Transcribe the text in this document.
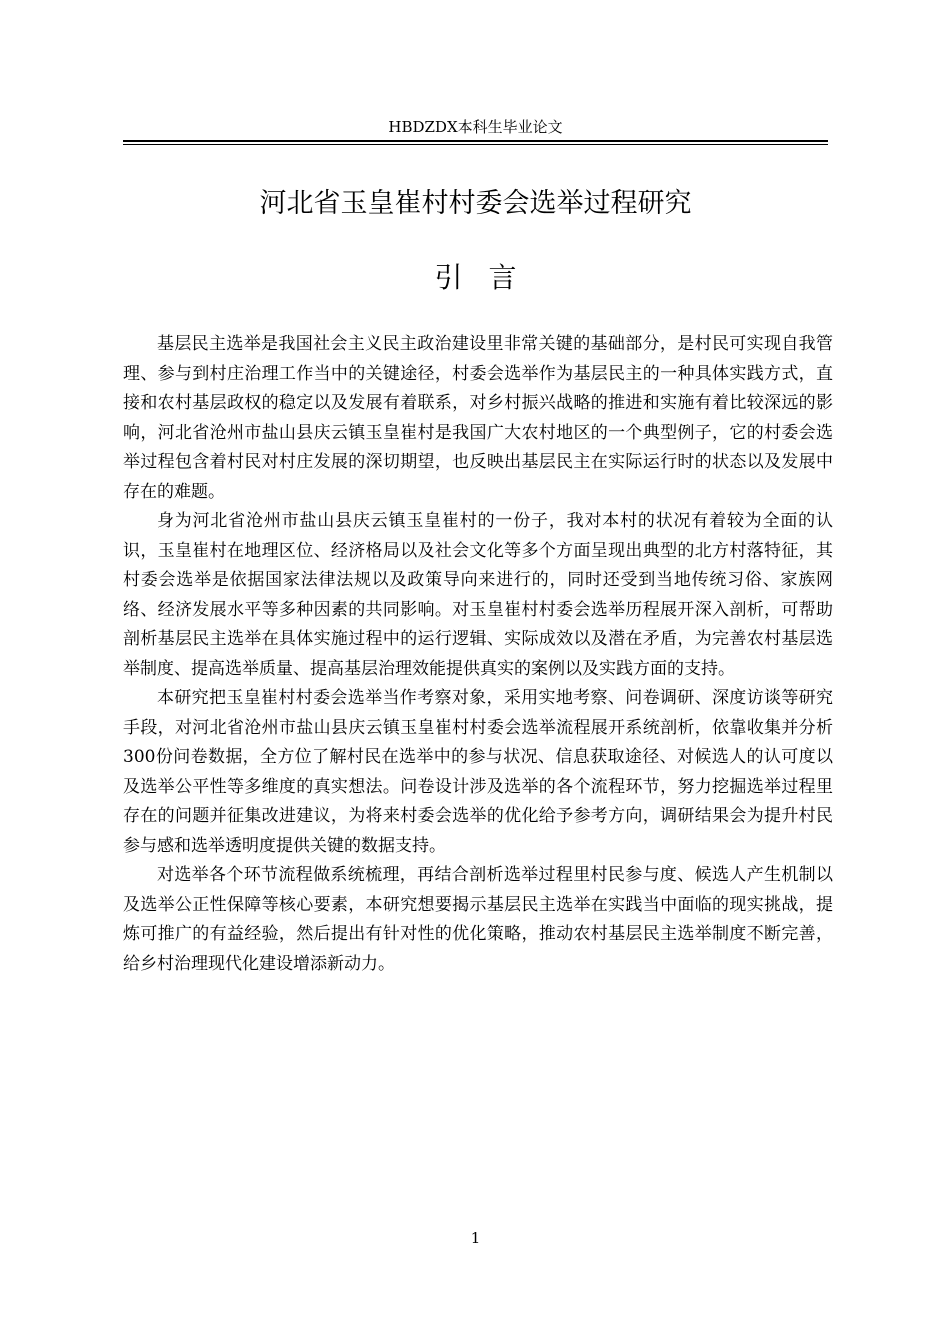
HBDZDX本科生毕业论文
河北省玉皇崔村村委会选举过程研究
引言

基层民主选举是我国社会主义民主政治建设里非常关键的基础部分，是村民可实现自我管理、参与到村庄治理工作当中的关键途径，村委会选举作为基层民主的一种具体实践方式，直接和农村基层政权的稳定以及发展有着联系，对乡村振兴战略的推进和实施有着比较深远的影响，河北省沧州市盐山县庆云镇玉皇崔村是我国广大农村地区的一个典型例子，它的村委会选举过程包含着村民对村庄发展的深切期望，也反映出基层民主在实际运行时的状态以及发展中存在的难题。

身为河北省沧州市盐山县庆云镇玉皇崔村的一份子，我对本村的状况有着较为全面的认识，玉皇崔村在地理区位、经济格局以及社会文化等多个方面呈现出典型的北方村落特征，其村委会选举是依据国家法律法规以及政策导向来进行的，同时还受到当地传统习俗、家族网络、经济发展水平等多种因素的共同影响。对玉皇崔村村委会选举历程展开深入剖析，可帮助剖析基层民主选举在具体实施过程中的运行逻辑、实际成效以及潜在矛盾，为完善农村基层选举制度、提高选举质量、提高基层治理效能提供真实的案例以及实践方面的支持。

本研究把玉皇崔村村委会选举当作考察对象，采用实地考察、问卷调研、深度访谈等研究手段，对河北省沧州市盐山县庆云镇玉皇崔村村委会选举流程展开系统剖析，依靠收集并分析300份问卷数据，全方位了解村民在选举中的参与状况、信息获取途径、对候选人的认可度以及选举公平性等多维度的真实想法。问卷设计涉及选举的各个流程环节，努力挖掘选举过程里存在的问题并征集改进建议，为将来村委会选举的优化给予参考方向，调研结果会为提升村民参与感和选举透明度提供关键的数据支持。

对选举各个环节流程做系统梳理，再结合剖析选举过程里村民参与度、候选人产生机制以及选举公正性保障等核心要素，本研究想要揭示基层民主选举在实践当中面临的现实挑战，提炼可推广的有益经验，然后提出有针对性的优化策略，推动农村基层民主选举制度不断完善，给乡村治理现代化建设增添新动力。

1
